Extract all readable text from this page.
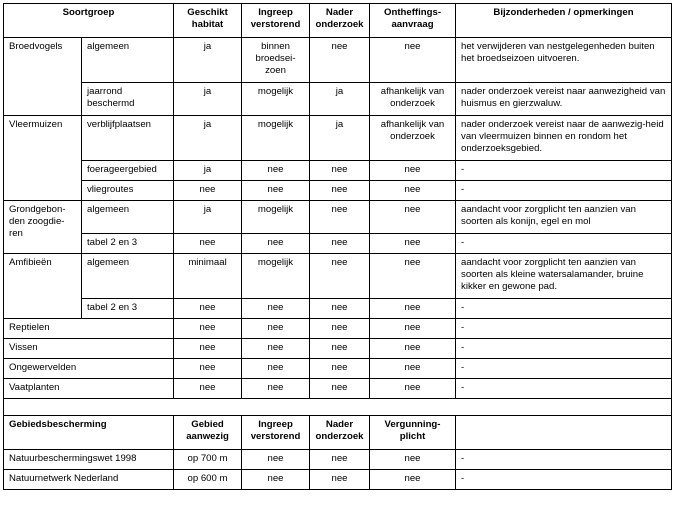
Soortgroep		Geschikt habitat	Ingreep verstorend	Nader onderzoek	Ontheffings-aanvraag	Bijzonderheden / opmerkingen
Broedvogels	algemeen	ja	binnen broedsei-zoen	nee	nee	het verwijderen van nestgelegenheden buiten het broedseizoen uitvoeren.
	jaarrond beschermd	ja	mogelijk	ja	afhankelijk van onderzoek	nader onderzoek vereist naar aanwezigheid van huismus en gierzwaluw.
Vleermuizen	verblijfplaatsen	ja	mogelijk	ja	afhankelijk van onderzoek	nader onderzoek vereist naar de aanwezig-heid van vleermuizen binnen en rondom het onderzoeksgebied.
	foerageergebied	ja	nee	nee	nee	-
	vliegroutes	nee	nee	nee	nee	-
Grondgebon-den zoogdie-ren	algemeen	ja	mogelijk	nee	nee	aandacht voor zorgplicht ten aanzien van soorten als konijn, egel en mol
	tabel 2 en 3	nee	nee	nee	nee	-
Amfibieën	algemeen	minimaal	mogelijk	nee	nee	aandacht voor zorgplicht ten aanzien van soorten als kleine watersalamander, bruine kikker en gewone pad.
	tabel 2 en 3	nee	nee	nee	nee	-
Reptielen		nee	nee	nee	nee	-
Vissen		nee	nee	nee	nee	-
Ongewervelden		nee	nee	nee	nee	-
Vaatplanten		nee	nee	nee	nee	-

Gebiedsbescherming		Gebied aanwezig	Ingreep verstorend	Nader onderzoek	Vergunning-plicht	
Natuurbeschermingswet 1998		op 700 m	nee	nee	nee	-
Natuurnetwerk Nederland		op 600 m	nee	nee	nee	-
